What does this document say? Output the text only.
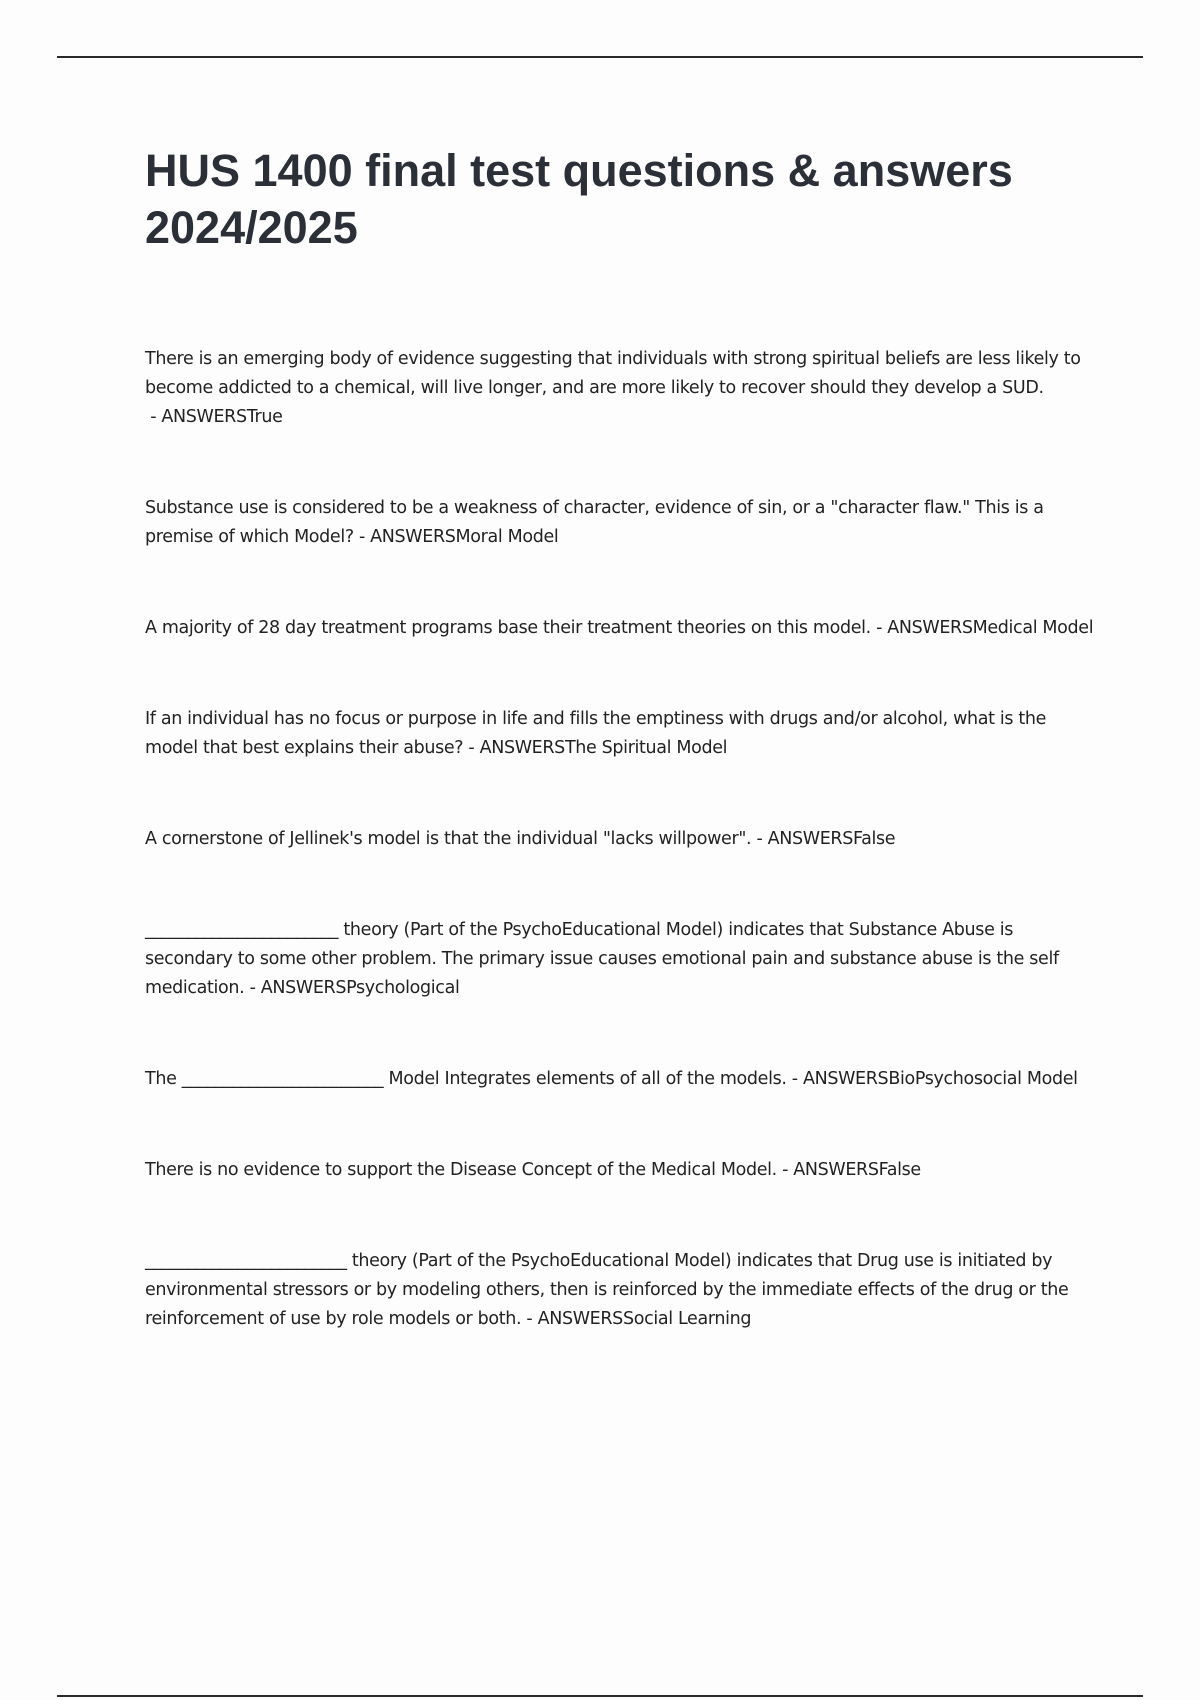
HUS 1400 final test questions & answers 2024/2025
There is an emerging body of evidence suggesting that individuals with strong spiritual beliefs are less likely to become addicted to a chemical, will live longer, and are more likely to recover should they develop a SUD. - ANSWERSTrue
Substance use is considered to be a weakness of character, evidence of sin, or a "character flaw." This is a premise of which Model? - ANSWERSMoral Model
A majority of 28 day treatment programs base their treatment theories on this model. - ANSWERSMedical Model
If an individual has no focus or purpose in life and fills the emptiness with drugs and/or alcohol, what is the model that best explains their abuse? - ANSWERSThe Spiritual Model
A cornerstone of Jellinek's model is that the individual "lacks willpower". - ANSWERSFalse
_______________________ theory (Part of the PsychoEducational Model) indicates that Substance Abuse is secondary to some other problem. The primary issue causes emotional pain and substance abuse is the self medication. - ANSWERSPsychological
The ________________________ Model Integrates elements of all of the models. - ANSWERSBioPsychosocial Model
There is no evidence to support the Disease Concept of the Medical Model. - ANSWERSFalse
________________________ theory (Part of the PsychoEducational Model) indicates that Drug use is initiated by environmental stressors or by modeling others, then is reinforced by the immediate effects of the drug or the reinforcement of use by role models or both. - ANSWERSSocial Learning
